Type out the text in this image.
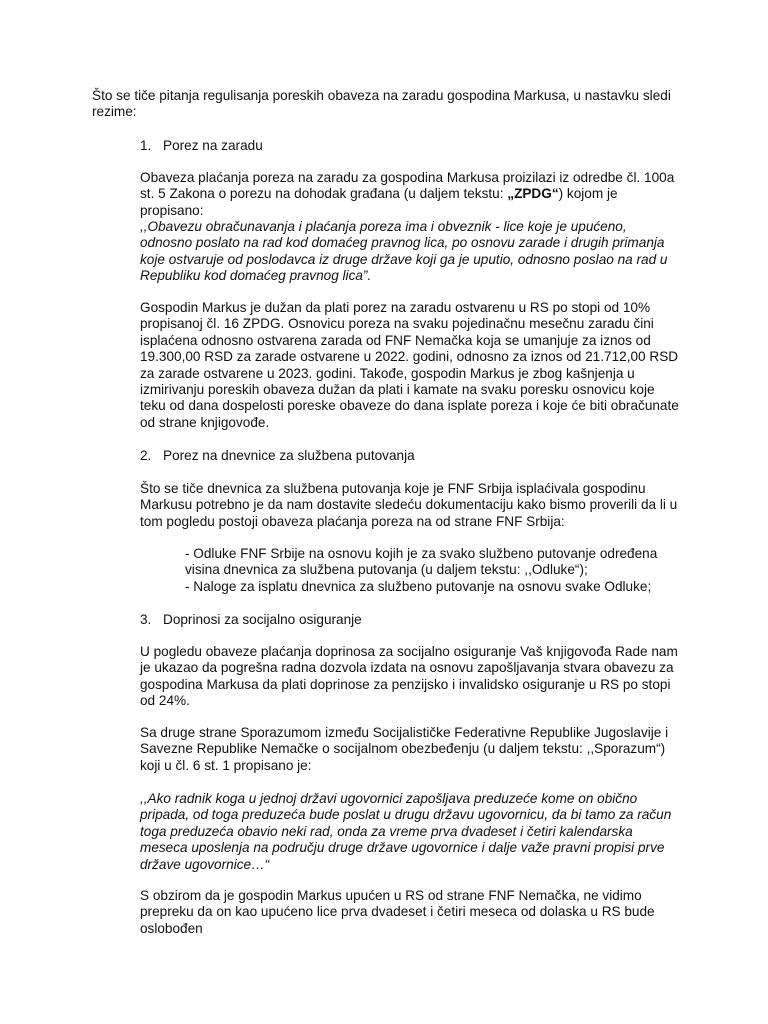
Što se tiče pitanja regulisanja poreskih obaveza na zaradu gospodina Markusa, u nastavku sledi rezime:

1. Porez na zaradu

Obaveza plaćanja poreza na zaradu za gospodina Markusa proizilazi iz odredbe čl. 100a st. 5 Zakona o porezu na dohodak građana (u daljem tekstu: „ZPDG“) kojom je propisano:

,,Obavezu obračunavanja i plaćanja poreza ima i obveznik - lice koje je upućeno, odnosno poslato na rad kod domaćeg pravnog lica, po osnovu zarade i drugih primanja koje ostvaruje od poslodavca iz druge države koji ga je uputio, odnosno poslao na rad u Republiku kod domaćeg pravnog lica”.

Gospodin Markus je dužan da plati porez na zaradu ostvarenu u RS po stopi od 10% propisanoj čl. 16 ZPDG. Osnovicu poreza na svaku pojedinačnu mesečnu zaradu čini isplaćena odnosno ostvarena zarada od FNF Nemačka koja se umanjuje za iznos od 19.300,00 RSD za zarade ostvarene u 2022. godini, odnosno za iznos od 21.712,00 RSD za zarade ostvarene u 2023. godini. Takođe, gospodin Markus je zbog kašnjenja u izmirivanju poreskih obaveza dužan da plati i kamate na svaku poresku osnovicu koje teku od dana dospelosti poreske obaveze do dana isplate poreza i koje će biti obračunate od strane knjigovođe.

2. Porez na dnevnice za službena putovanja

Što se tiče dnevnica za službena putovanja koje je FNF Srbija isplaćivala gospodinu Markusu potrebno je da nam dostavite sledeću dokumentaciju kako bismo proverili da li u tom pogledu postoji obaveza plaćanja poreza na od strane FNF Srbija:

- Odluke FNF Srbije na osnovu kojih je za svako službeno putovanje određena visina dnevnica za službena putovanja (u daljem tekstu: ,,Odluke“);
- Naloge za isplatu dnevnica za službeno putovanje na osnovu svake Odluke;
3. Doprinosi za socijalno osiguranje

U pogledu obaveze plaćanja doprinosa za socijalno osiguranje Vaš knjigovođa Rade nam je ukazao da pogrešna radna dozvola izdata na osnovu zapošljavanja stvara obavezu za gospodina Markusa da plati doprinose za penzijsko i invalidsko osiguranje u RS po stopi od 24%.

Sa druge strane Sporazumom između Socijalističke Federativne Republike Jugoslavije i Savezne Republike Nemačke o socijalnom obezbeđenju (u daljem tekstu: ,,Sporazum“) koji u čl. 6 st. 1 propisano je:

,,Ako radnik koga u jednoj državi ugovornici zapošljava preduzeće kome on obično pripada, od toga preduzeća bude poslat u drugu državu ugovornicu, da bi tamo za račun toga preduzeća obavio neki rad, onda za vreme prva dvadeset i četiri kalendarska meseca uposlenja na području druge države ugovornice i dalje važe pravni propisi prve države ugovornice…“

S obzirom da je gospodin Markus upućen u RS od strane FNF Nemačka, ne vidimo prepreku da on kao upućeno lice prva dvadeset i četiri meseca od dolaska u RS bude oslobođen
